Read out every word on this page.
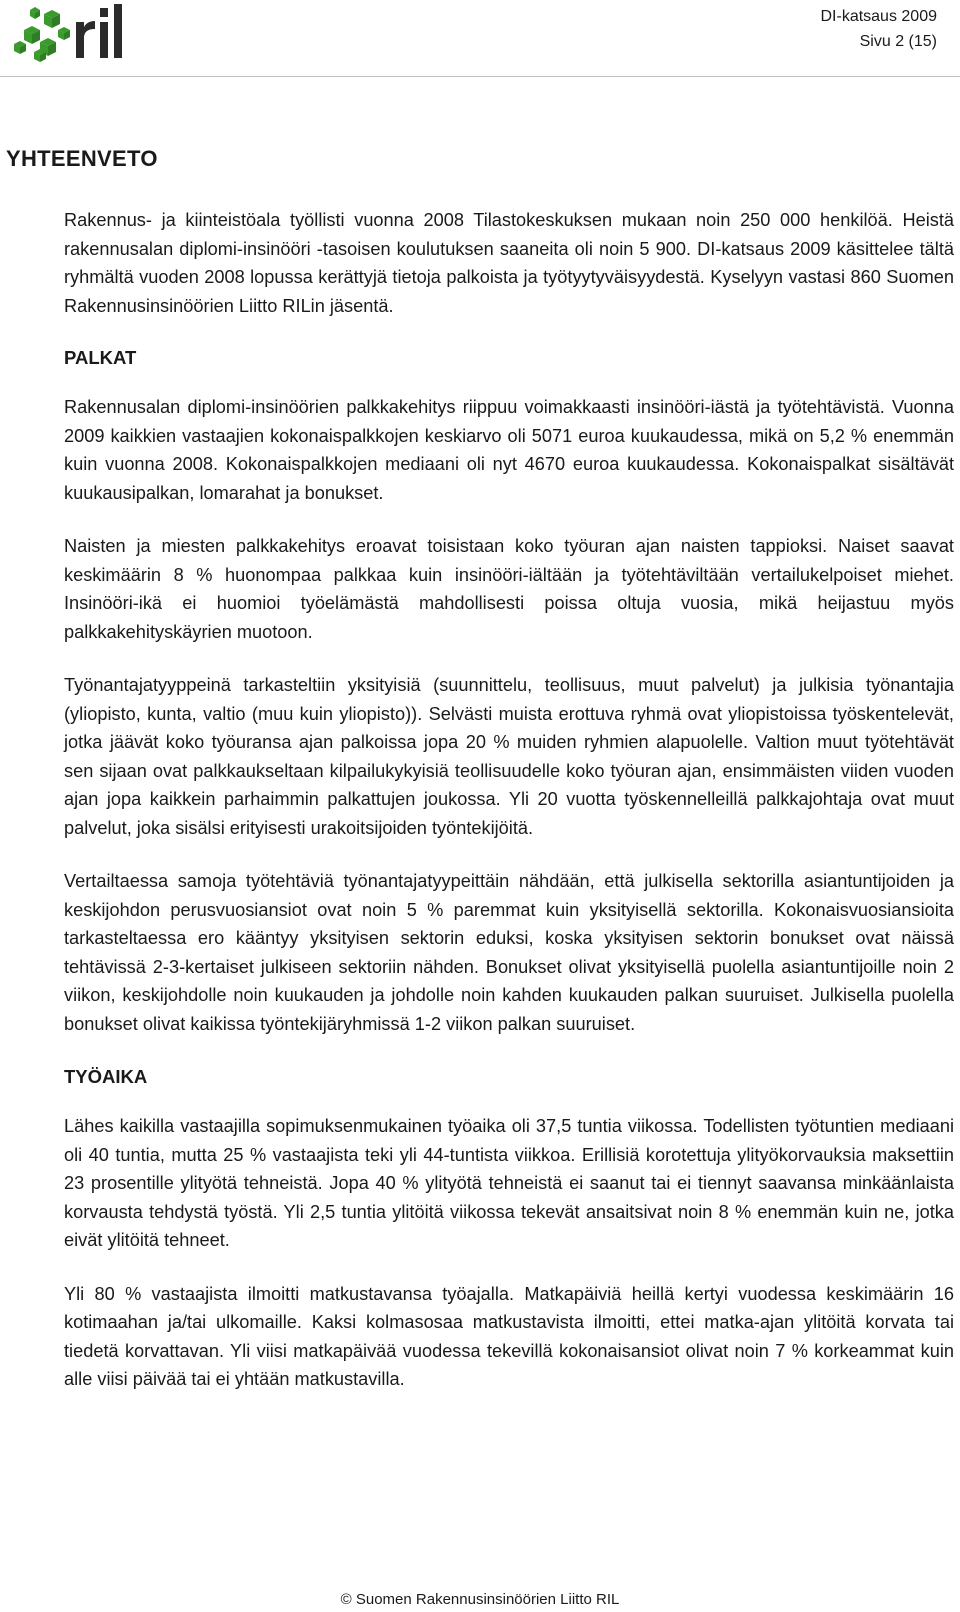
DI-katsaus 2009
Sivu 2 (15)
YHTEENVETO

Rakennus- ja kiinteistöala työllisti vuonna 2008 Tilastokeskuksen mukaan noin 250 000 henkilöä. Heistä rakennusalan diplomi-insinööri -tasoisen koulutuksen saaneita oli noin 5 900. DI-katsaus 2009 käsittelee tältä ryhmältä vuoden 2008 lopussa kerättyjä tietoja palkoista ja työtyytyväisyydestä. Kyselyyn vastasi 860 Suomen Rakennusinsinöörien Liitto RILin jäsentä.

PALKAT

Rakennusalan diplomi-insinöörien palkkakehitys riippuu voimakkaasti insinööri-iästä ja työtehtävistä. Vuonna 2009 kaikkien vastaajien kokonaispalkkojen keskiarvo oli 5071 euroa kuukaudessa, mikä on 5,2 % enemmän kuin vuonna 2008. Kokonaispalkkojen mediaani oli nyt 4670 euroa kuukaudessa. Kokonaispalkat sisältävät kuukausipalkan, lomarahat ja bonukset.

Naisten ja miesten palkkakehitys eroavat toisistaan koko työuran ajan naisten tappioksi. Naiset saavat keskimäärin 8 % huonompaa palkkaa kuin insinööri-iältään ja työtehtäviltään vertailukelpoiset miehet. Insinööri-ikä ei huomioi työelämästä mahdollisesti poissa oltuja vuosia, mikä heijastuu myös palkkakehityskäyrien muotoon.

Työnantajatyyppeinä tarkasteltiin yksityisiä (suunnittelu, teollisuus, muut palvelut) ja julkisia työnantajia (yliopisto, kunta, valtio (muu kuin yliopisto)). Selvästi muista erottuva ryhmä ovat yliopistoissa työskentelevät, jotka jäävät koko työuransa ajan palkoissa jopa 20 % muiden ryhmien alapuolelle. Valtion muut työtehtävät sen sijaan ovat palkkaukseltaan kilpailukykyisiä teollisuudelle koko työuran ajan, ensimmäisten viiden vuoden ajan jopa kaikkein parhaimmin palkattujen joukossa. Yli 20 vuotta työskennelleillä palkkajohtaja ovat muut palvelut, joka sisälsi erityisesti urakoitsijoiden työntekijöitä.

Vertailtaessa samoja työtehtäviä työnantajatyypeittäin nähdään, että julkisella sektorilla asiantuntijoiden ja keskijohdon perusvuosiansiot ovat noin 5 % paremmat kuin yksityisellä sektorilla. Kokonaisvuosiansioita tarkasteltaessa ero kääntyy yksityisen sektorin eduksi, koska yksityisen sektorin bonukset ovat näissä tehtävissä 2-3-kertaiset julkiseen sektoriin nähden. Bonukset olivat yksityisellä puolella asiantuntijoille noin 2 viikon, keskijohdolle noin kuukauden ja johdolle noin kahden kuukauden palkan suuruiset. Julkisella puolella bonukset olivat kaikissa työntekijäryhmissä 1-2 viikon palkan suuruiset.

TYÖAIKA

Lähes kaikilla vastaajilla sopimuksenmukainen työaika oli 37,5 tuntia viikossa. Todellisten työtuntien mediaani oli 40 tuntia, mutta 25 % vastaajista teki yli 44-tuntista viikkoa. Erillisiä korotettuja ylityökorvauksia maksettiin 23 prosentille ylityötä tehneistä. Jopa 40 % ylityötä tehneistä ei saanut tai ei tiennyt saavansa minkäänlaista korvausta tehdystä työstä. Yli 2,5 tuntia ylitöitä viikossa tekevät ansaitsivat noin 8 % enemmän kuin ne, jotka eivät ylitöitä tehneet.

Yli 80 % vastaajista ilmoitti matkustavansa työajalla. Matkapäiviä heillä kertyi vuodessa keskimäärin 16 kotimaahan ja/tai ulkomaille. Kaksi kolmasosaa matkustavista ilmoitti, ettei matka-ajan ylitöitä korvata tai tiedetä korvattavan. Yli viisi matkapäivää vuodessa tekevillä kokonaisansiot olivat noin 7 % korkeammat kuin alle viisi päivää tai ei yhtään matkustavilla.

© Suomen Rakennusinsinöörien Liitto RIL
